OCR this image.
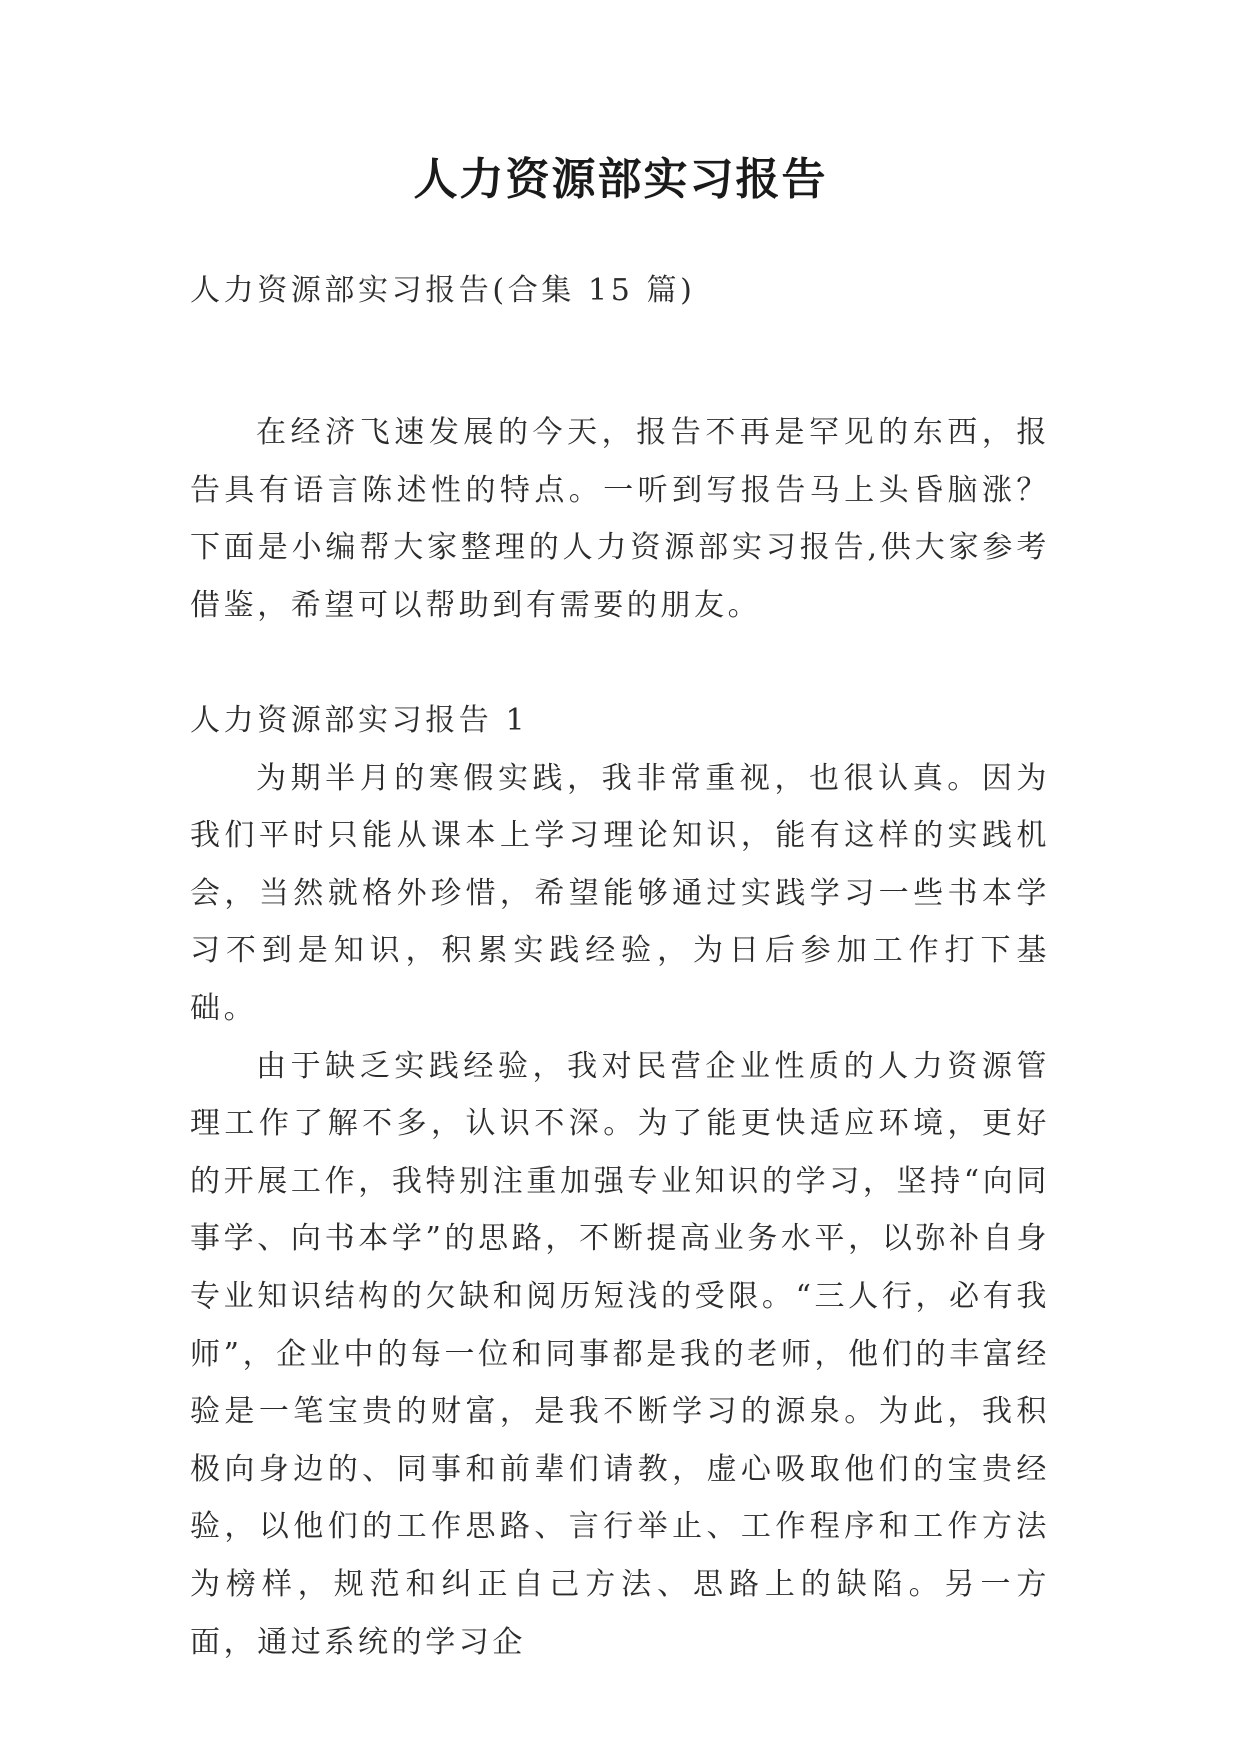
人力资源部实习报告

人力资源部实习报告(合集 15 篇)

在经济飞速发展的今天，报告不再是罕见的东西，报告具有语言陈述性的特点。一听到写报告马上头昏脑涨？下面是小编帮大家整理的人力资源部实习报告,供大家参考借鉴，希望可以帮助到有需要的朋友。

人力资源部实习报告 1

为期半月的寒假实践，我非常重视，也很认真。因为我们平时只能从课本上学习理论知识，能有这样的实践机会，当然就格外珍惜，希望能够通过实践学习一些书本学习不到是知识，积累实践经验，为日后参加工作打下基础。

由于缺乏实践经验，我对民营企业性质的人力资源管理工作了解不多，认识不深。为了能更快适应环境，更好的开展工作，我特别注重加强专业知识的学习，坚持“向同事学、向书本学”的思路，不断提高业务水平，以弥补自身专业知识结构的欠缺和阅历短浅的受限。“三人行，必有我师”，企业中的每一位和同事都是我的老师，他们的丰富经验是一笔宝贵的财富，是我不断学习的源泉。为此，我积极向身边的、同事和前辈们请教，虚心吸取他们的宝贵经验，以他们的工作思路、言行举止、工作程序和工作方法为榜样，规范和纠正自己方法、思路上的缺陷。另一方面，通过系统的学习企
